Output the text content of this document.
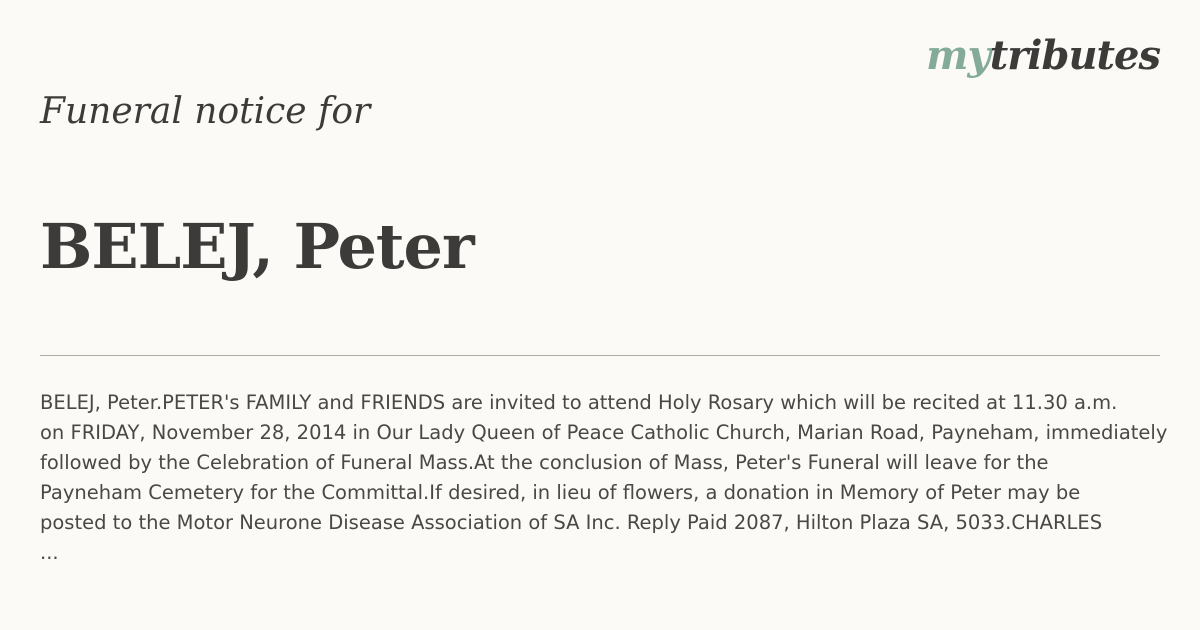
mytributes
Funeral notice for
BELEJ, Peter
BELEJ, Peter.PETER's FAMILY and FRIENDS are invited to attend Holy Rosary which will be recited at 11.30 a.m.
on FRIDAY, November 28, 2014 in Our Lady Queen of Peace Catholic Church, Marian Road, Payneham, immediately
followed by the Celebration of Funeral Mass.At the conclusion of Mass, Peter's Funeral will leave for the
Payneham Cemetery for the Committal.If desired, in lieu of flowers, a donation in Memory of Peter may be
posted to the Motor Neurone Disease Association of SA Inc. Reply Paid 2087, Hilton Plaza SA, 5033.CHARLES
...
